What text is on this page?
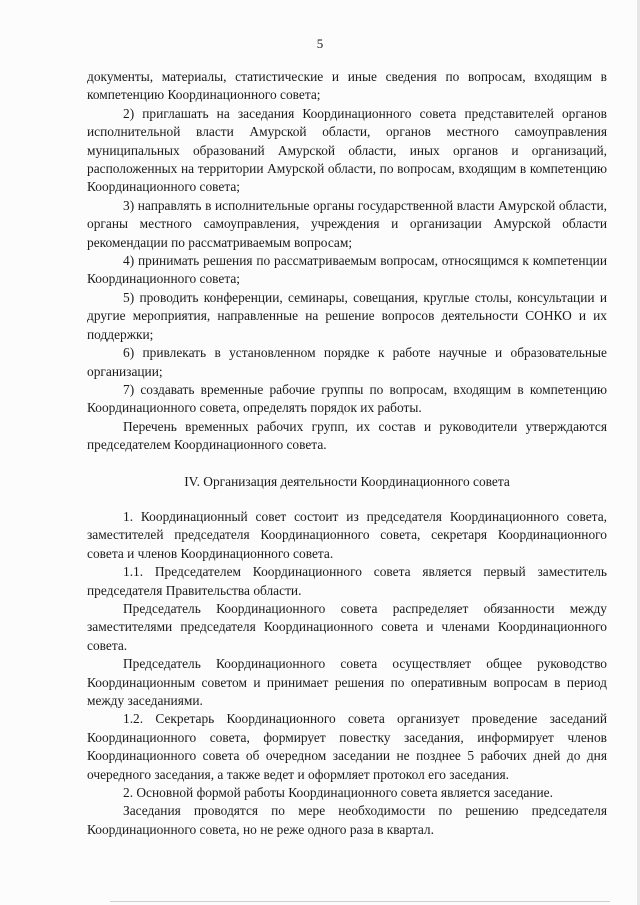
5

документы, материалы, статистические и иные сведения по вопросам, входящим в компетенцию Координационного совета;

2) приглашать на заседания Координационного совета представителей органов исполнительной власти Амурской области, органов местного самоуправления муниципальных образований Амурской области, иных органов и организаций, расположенных на территории Амурской области, по вопросам, входящим в компетенцию Координационного совета;

3) направлять в исполнительные органы государственной власти Амурской области, органы местного самоуправления, учреждения и организации Амурской области рекомендации по рассматриваемым вопросам;

4) принимать решения по рассматриваемым вопросам, относящимся к компетенции Координационного совета;

5) проводить конференции, семинары, совещания, круглые столы, консультации и другие мероприятия, направленные на решение вопросов деятельности СОНКО и их поддержки;

6) привлекать в установленном порядке к работе научные и образовательные организации;

7) создавать временные рабочие группы по вопросам, входящим в компетенцию Координационного совета, определять порядок их работы.

Перечень временных рабочих групп, их состав и руководители утверждаются председателем Координационного совета.

IV. Организация деятельности Координационного совета

1. Координационный совет состоит из председателя Координационного совета, заместителей председателя Координационного совета, секретаря Координационного совета и членов Координационного совета.

1.1. Председателем Координационного совета является первый заместитель председателя Правительства области.

Председатель Координационного совета распределяет обязанности между заместителями председателя Координационного совета и членами Координационного совета.

Председатель Координационного совета осуществляет общее руководство Координационным советом и принимает решения по оперативным вопросам в период между заседаниями.

1.2. Секретарь Координационного совета организует проведение заседаний Координационного совета, формирует повестку заседания, информирует членов Координационного совета об очередном заседании не позднее 5 рабочих дней до дня очередного заседания, а также ведет и оформляет протокол его заседания.

2. Основной формой работы Координационного совета является заседание.

Заседания проводятся по мере необходимости по решению председателя Координационного совета, но не реже одного раза в квартал.
